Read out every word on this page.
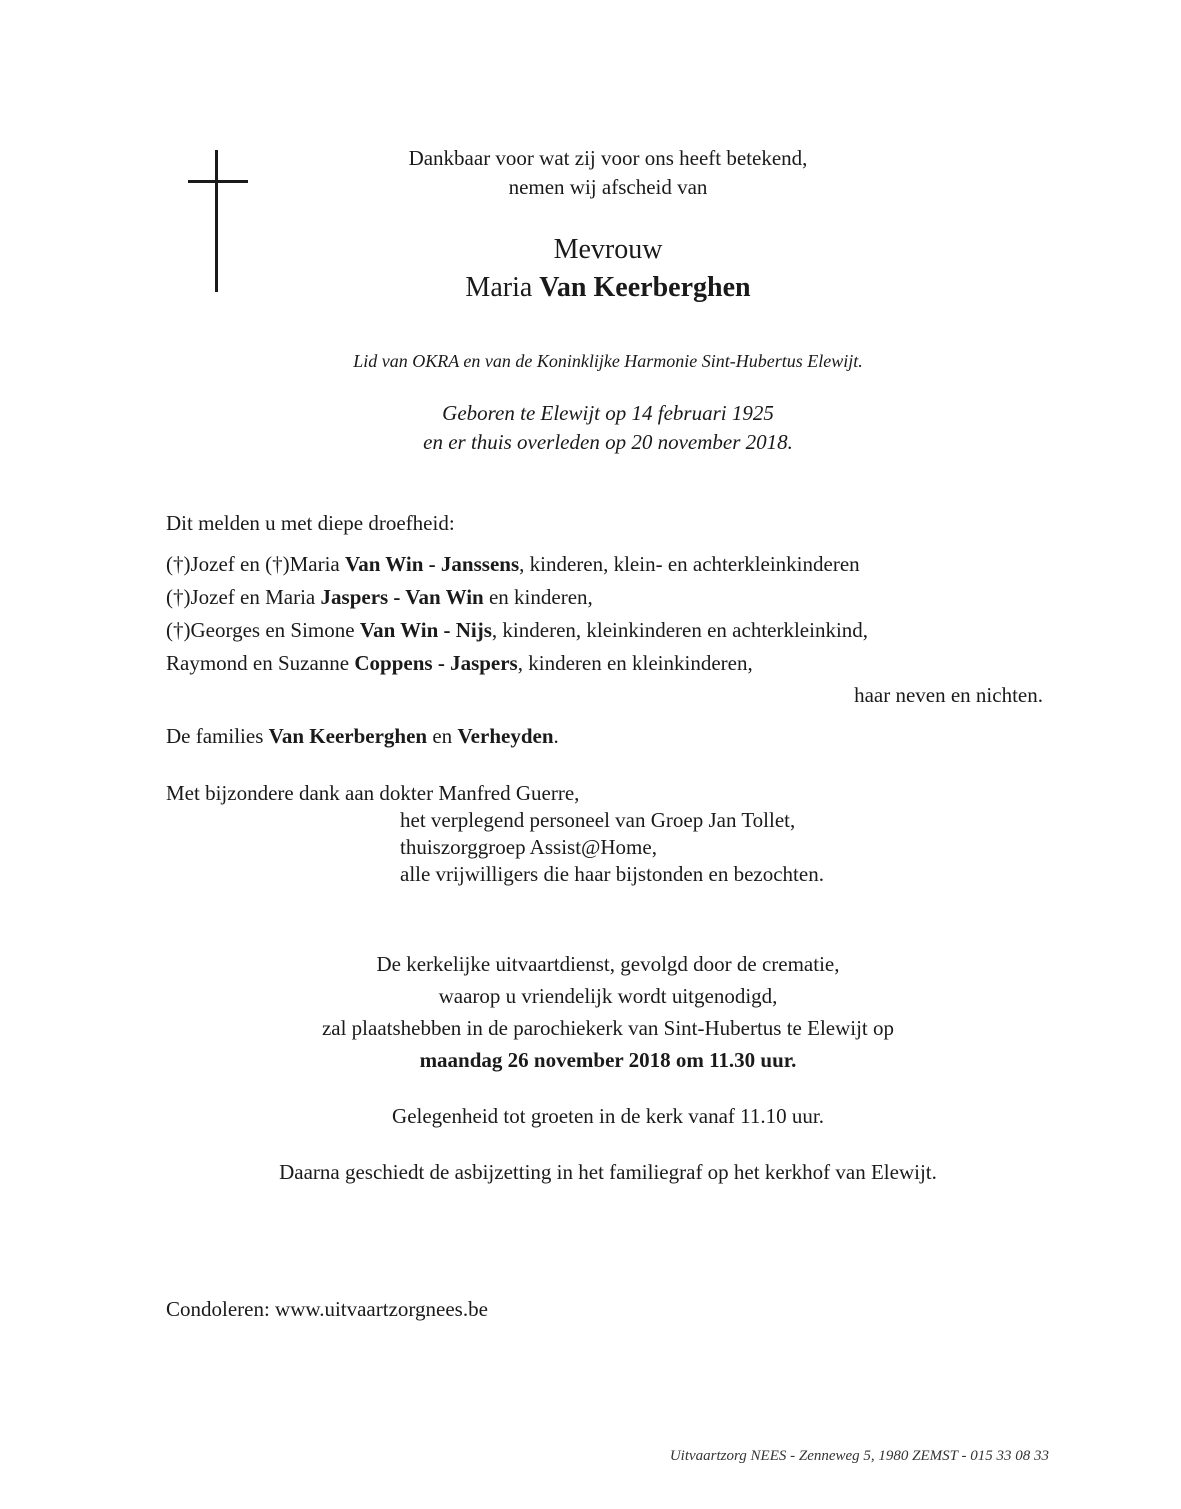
Dankbaar voor wat zij voor ons heeft betekend,
nemen wij afscheid van
Mevrouw
Maria Van Keerberghen
Lid van OKRA en van de Koninklijke Harmonie Sint-Hubertus Elewijt.
Geboren te Elewijt op 14 februari 1925
en er thuis overleden op 20 november 2018.
Dit melden u met diepe droefheid:
(†)Jozef en (†)Maria Van Win - Janssens, kinderen, klein- en achterkleinkinderen
(†)Jozef en Maria Jaspers - Van Win en kinderen,
(†)Georges en Simone Van Win - Nijs, kinderen, kleinkinderen en achterkleinkind,
Raymond en Suzanne Coppens - Jaspers, kinderen en kleinkinderen,
haar neven en nichten.
De families Van Keerberghen en Verheyden.
Met bijzondere dank aan dokter Manfred Guerre,
het verplegend personeel van Groep Jan Tollet,
thuiszorggroep Assist@Home,
alle vrijwilligers die haar bijstonden en bezochten.
De kerkelijke uitvaartdienst, gevolgd door de crematie,
waarop u vriendelijk wordt uitgenodigd,
zal plaatshebben in de parochiekerk van Sint-Hubertus te Elewijt op
maandag 26 november 2018 om 11.30 uur.
Gelegenheid tot groeten in de kerk vanaf 11.10 uur.
Daarna geschiedt de asbijzetting in het familiegraf op het kerkhof van Elewijt.
Condoleren: www.uitvaartzorgnees.be
Uitvaartzorg NEES - Zenneweg 5, 1980 ZEMST - 015 33 08 33
